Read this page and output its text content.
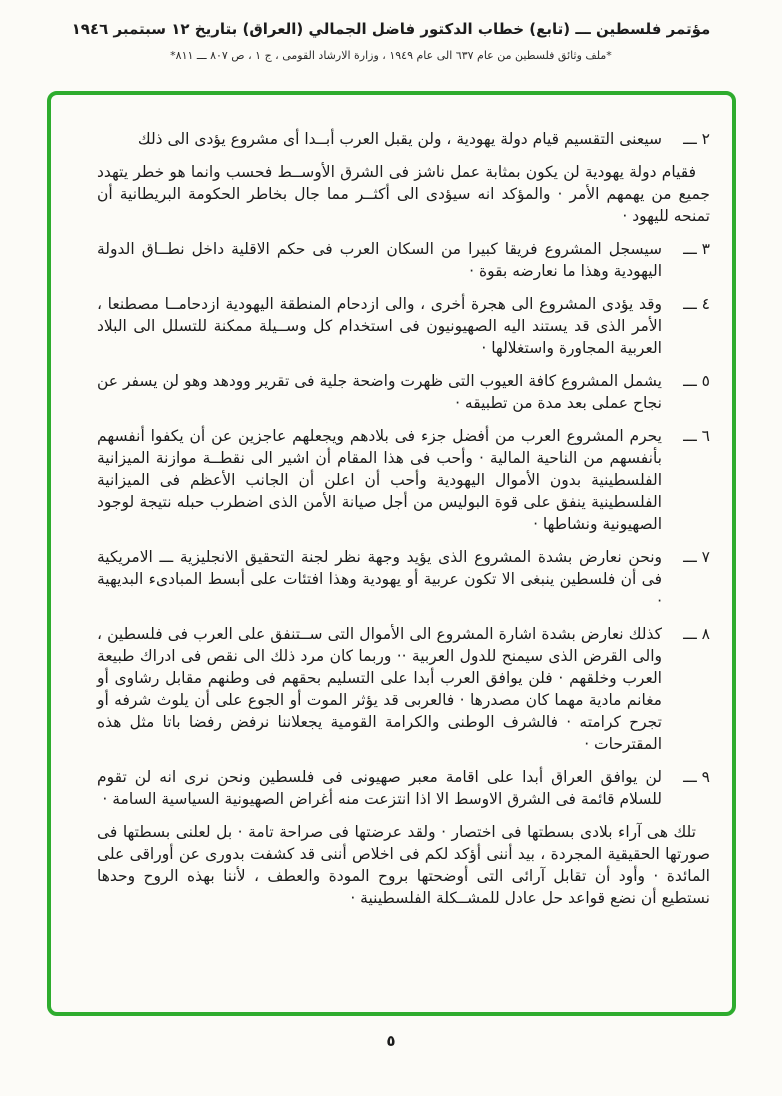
مؤتمر فلسطين ـــ (تابع) خطاب الدكتور فاضل الجمالي (العراق) بتاريخ ١٢ سبتمبر ١٩٤٦
*ملف وثائق فلسطين من عام ٦٣٧ الى عام ١٩٤٩ ، وزارة الارشاد القومى ، ج ١ ، ص ٨٠٧ ـــ ٨١١*
٢ ـــ
سيعنى التقسيم قيام دولة يهودية ، ولن يقبل العرب أبــدا أى مشروع يؤدى الى ذلك
فقيام دولة يهودية لن يكون بمثابة عمل ناشز فى الشرق الأوســط فحسب وانما هو خطر يتهدد جميع من يهمهم الأمر · والمؤكد انه سيؤدى الى أكثــر مما جال بخاطر الحكومة البريطانية أن تمنحه لليهود ·
٣ ـــ
سيسجل المشروع فريقا كبيرا من السكان العرب فى حكم الاقلية داخل نطــاق الدولة اليهودية وهذا ما نعارضه بقوة ·
٤ ـــ
وقد يؤدى المشروع الى هجرة أخرى ، والى ازدحام المنطقة اليهودية ازدحامــا مصطنعا ، الأمر الذى قد يستند اليه الصهيونيون فى استخدام كل وســيلة ممكنة للتسلل الى البلاد العربية المجاورة واستغلالها ·
٥ ـــ
يشمل المشروع كافة العيوب التى ظهرت واضحة جلية فى تقرير وودهد وهو لن يسفر عن نجاح عملى بعد مدة من تطبيقه ·
٦ ـــ
يحرم المشروع العرب من أفضل جزء فى بلادهم ويجعلهم عاجزين عن أن يكفوا أنفسهم بأنفسهم من الناحية المالية · وأحب فى هذا المقام أن اشير الى نقطــة موازنة الميزانية الفلسطينية بدون الأموال اليهودية وأحب أن اعلن أن الجانب الأعظم فى الميزانية الفلسطينية ينفق على قوة البوليس من أجل صيانة الأمن الذى اضطرب حبله نتيجة لوجود الصهيونية ونشاطها ·
٧ ـــ
ونحن نعارض بشدة المشروع الذى يؤيد وجهة نظر لجنة التحقيق الانجليزية ـــ الامريكية فى أن فلسطين ينبغى الا تكون عربية أو يهودية وهذا افتئات على أبسط المبادىء البديهية ·
٨ ـــ
كذلك نعارض بشدة اشارة المشروع الى الأموال التى ســتنفق على العرب فى فلسطين ، والى القرض الذى سيمنح للدول العربية ·· وربما كان مرد ذلك الى نقص فى ادراك طبيعة العرب وخلقهم · فلن يوافق العرب أبدا على التسليم بحقهم فى وطنهم مقابل رشاوى أو مغانم مادية مهما كان مصدرها · فالعربى قد يؤثر الموت أو الجوع على أن يلوث شرفه أو تجرح كرامته · فالشرف الوطنى والكرامة القومية يجعلاننا نرفض رفضا باتا مثل هذه المقترحات ·
٩ ـــ
لن يوافق العراق أبدا على اقامة معبر صهيونى فى فلسطين ونحن نرى انه لن تقوم للسلام قائمة فى الشرق الاوسط الا اذا انتزعت منه أغراض الصهيونية السياسية السامة ·
تلك هى آراء بلادى بسطتها فى اختصار · ولقد عرضتها فى صراحة تامة · بل لعلنى بسطتها فى صورتها الحقيقية المجردة ، بيد أننى أؤكد لكم فى اخلاص أننى قد كشفت بدورى عن أوراقى على المائدة · وأود أن تقابل آرائى التى أوضحتها بروح المودة والعطف ، لأننا بهذه الروح وحدها نستطيع أن نضع قواعد حل عادل للمشــكلة الفلسطينية ·
٥
